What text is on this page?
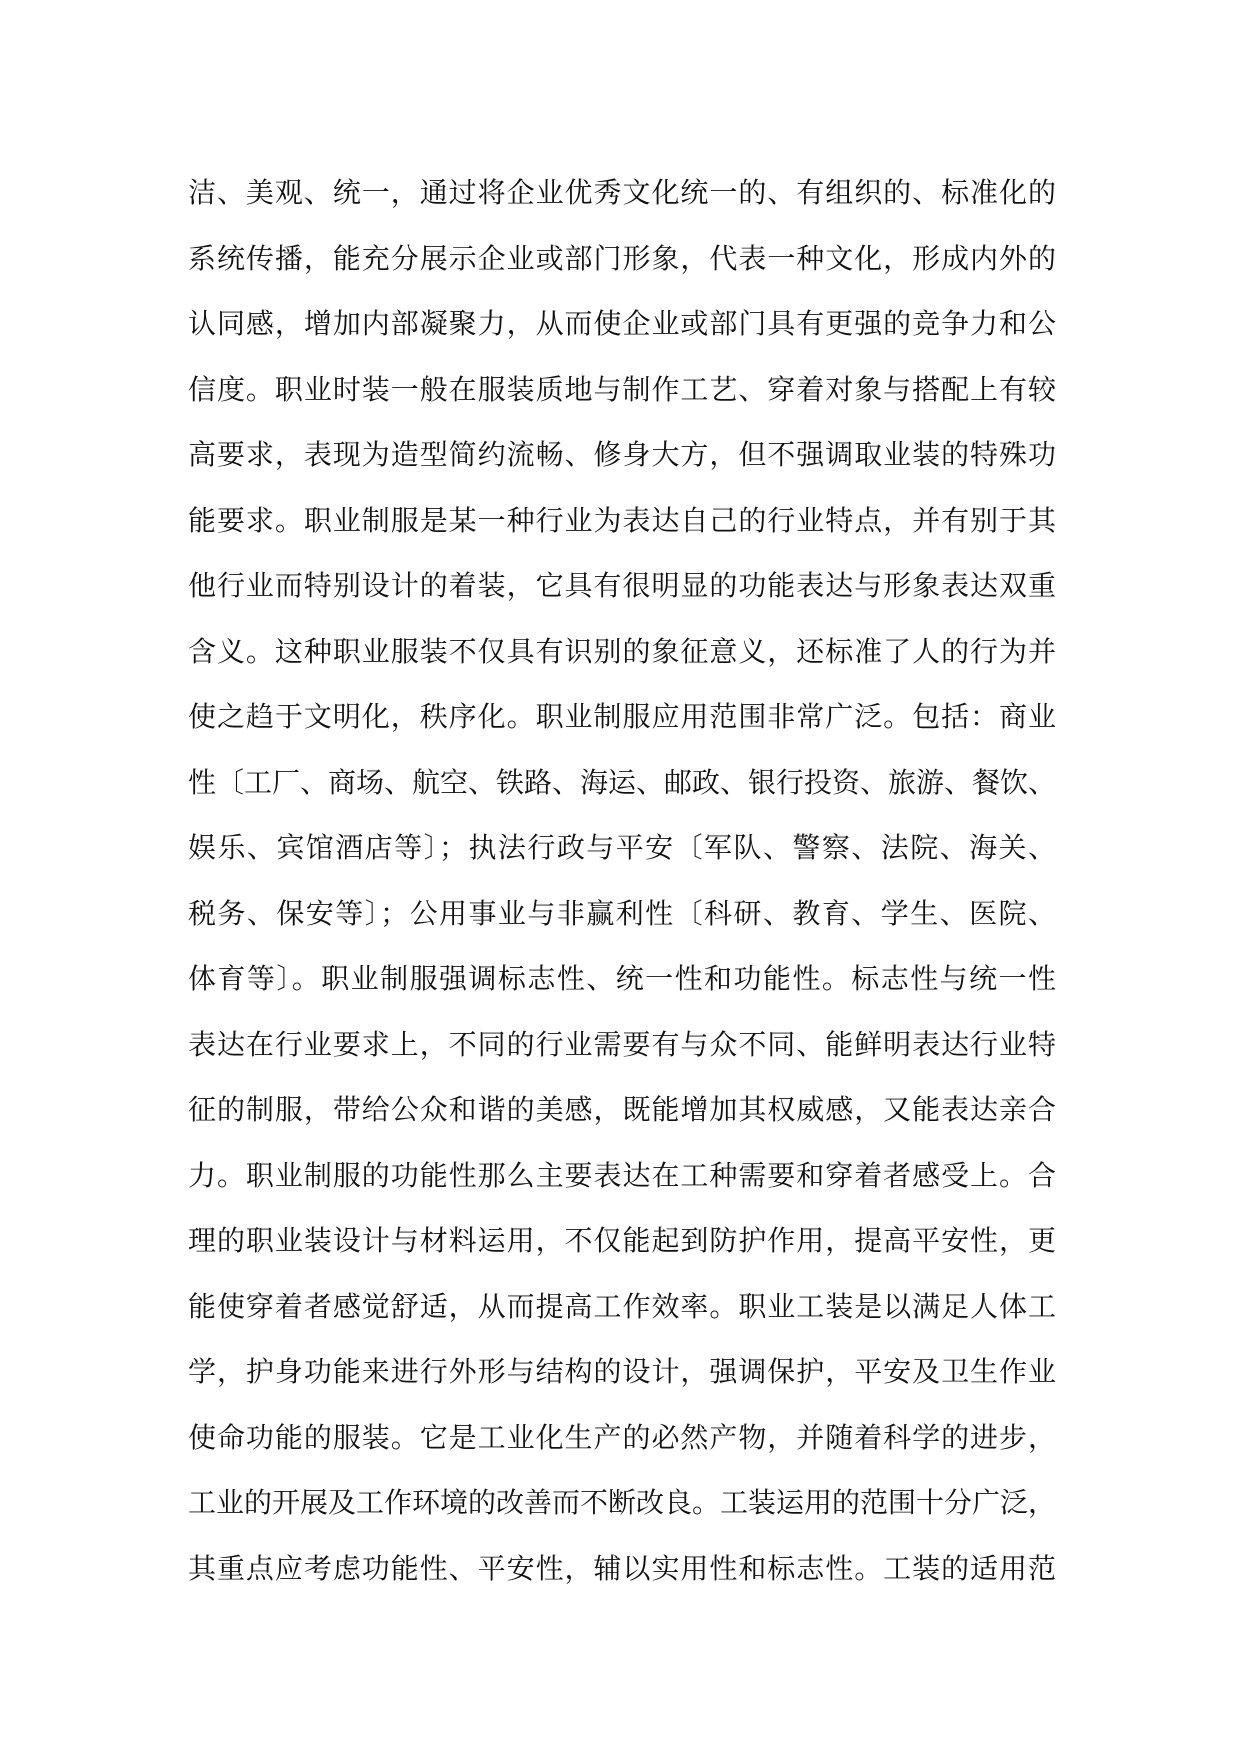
洁、美观、统一，通过将企业优秀文化统一的、有组织的、标准化的
系统传播，能充分展示企业或部门形象，代表一种文化，形成内外的
认同感，增加内部凝聚力，从而使企业或部门具有更强的竞争力和公
信度。职业时装一般在服装质地与制作工艺、穿着对象与搭配上有较
高要求，表现为造型简约流畅、修身大方，但不强调取业装的特殊功
能要求。职业制服是某一种行业为表达自己的行业特点，并有别于其
他行业而特别设计的着装，它具有很明显的功能表达与形象表达双重
含义。这种职业服装不仅具有识别的象征意义，还标准了人的行为并
使之趋于文明化，秩序化。职业制服应用范围非常广泛。包括：商业
性〔工厂、商场、航空、铁路、海运、邮政、银行投资、旅游、餐饮、
娱乐、宾馆酒店等〕；执法行政与平安〔军队、警察、法院、海关、
税务、保安等〕；公用事业与非赢利性〔科研、教育、学生、医院、
体育等〕。职业制服强调标志性、统一性和功能性。标志性与统一性
表达在行业要求上，不同的行业需要有与众不同、能鲜明表达行业特
征的制服，带给公众和谐的美感，既能增加其权威感，又能表达亲合
力。职业制服的功能性那么主要表达在工种需要和穿着者感受上。合
理的职业装设计与材料运用，不仅能起到防护作用，提高平安性，更
能使穿着者感觉舒适，从而提高工作效率。职业工装是以满足人体工
学，护身功能来进行外形与结构的设计，强调保护，平安及卫生作业
使命功能的服装。它是工业化生产的必然产物，并随着科学的进步，
工业的开展及工作环境的改善而不断改良。工装运用的范围十分广泛，
其重点应考虑功能性、平安性，辅以实用性和标志性。工装的适用范
